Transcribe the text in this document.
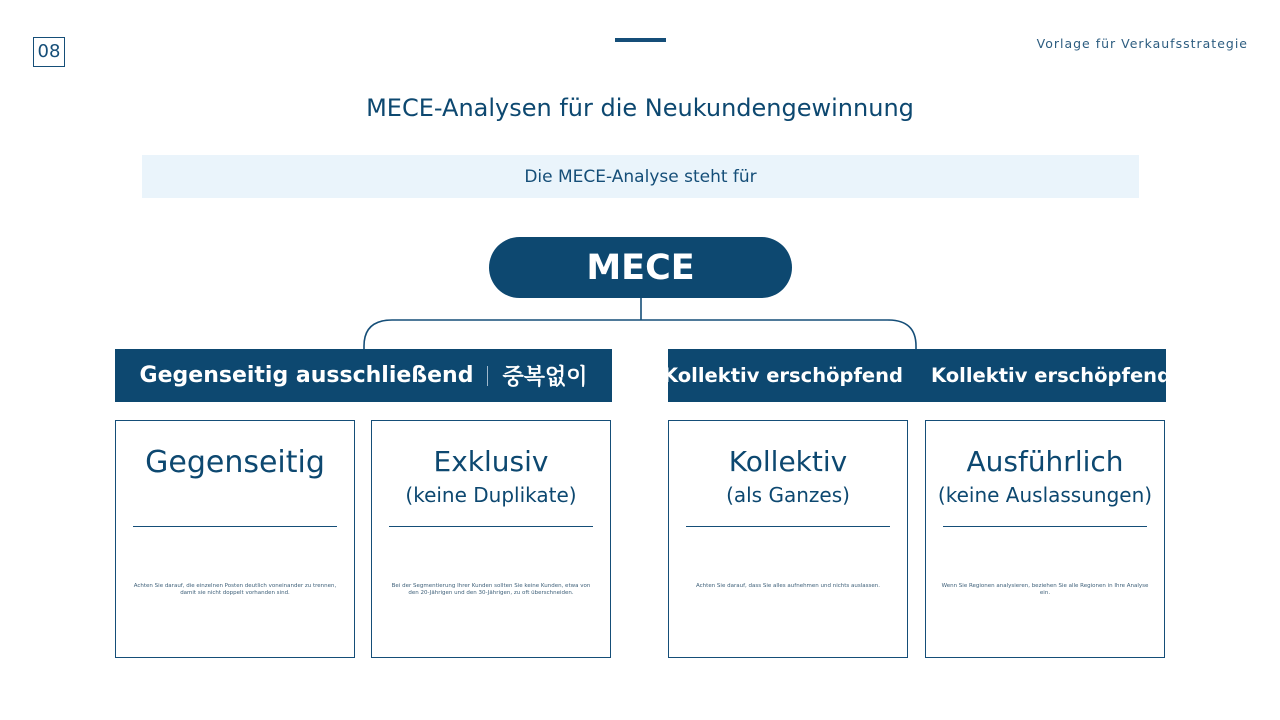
08	Vorlage für Verkaufsstrategie
MECE-Analysen für die Neukundengewinnung
Die MECE-Analyse steht für
MECE
Gegenseitig ausschließend 중복없이	Kollektiv erschöpfend Kollektiv erschöpfend
Gegenseitig
Achten Sie darauf, die einzelnen Posten deutlich voneinander zu trennen, damit sie nicht doppelt vorhanden sind.
Exklusiv
(keine Duplikate)
Bei der Segmentierung Ihrer Kunden sollten Sie keine Kunden, etwa von den 20-Jährigen und den 30-Jährigen, zu oft überschneiden.
Kollektiv
(als Ganzes)
Achten Sie darauf, dass Sie alles aufnehmen und nichts auslassen.
Ausführlich
(keine Auslassungen)
Wenn Sie Regionen analysieren, beziehen Sie alle Regionen in Ihre Analyse ein.
